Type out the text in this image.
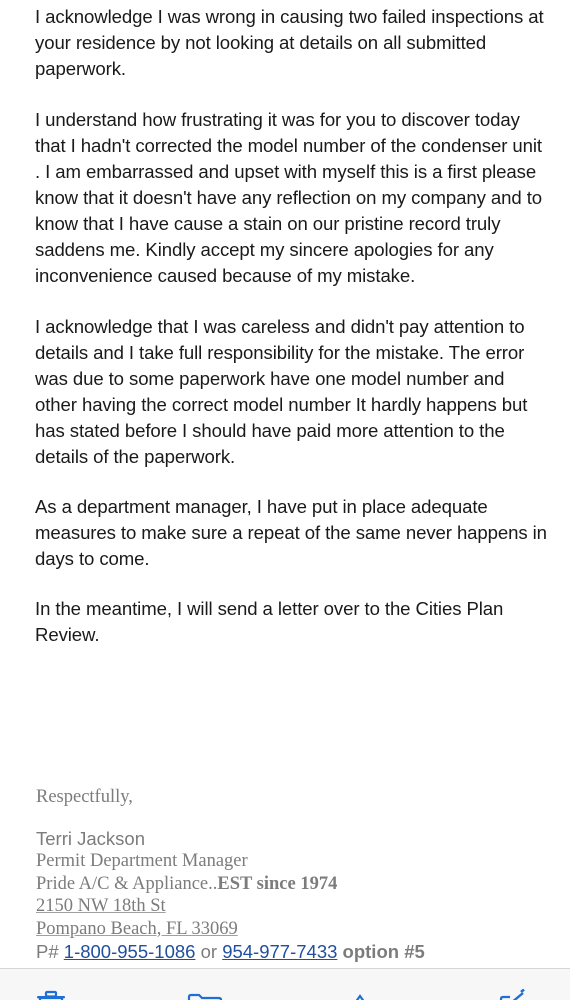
I acknowledge I was wrong in causing two failed inspections at your residence by not looking at details on all submitted paperwork.

I understand how frustrating it was for you to discover today that I hadn't corrected the model number of the condenser unit . I am embarrassed and upset with myself this is a first please know that it doesn't have any reflection on my company and to know that I have cause a stain on our pristine record truly saddens me. Kindly accept my sincere apologies for any inconvenience caused because of my mistake.

I acknowledge that I was careless and didn't pay attention to details and I take full responsibility for the mistake. The error was due to some paperwork have one model number and other having the correct model number It hardly happens but has stated before I should have paid more attention to the details of the paperwork.

As a department manager, I have put in place adequate measures to make sure a repeat of the same never happens in days to come.

In the meantime, I will send a letter over to the Cities Plan Review.

Respectfully,

Terri Jackson

Permit Department Manager

Pride A/C & Appliance..EST since 1974

2150 NW 18th St

Pompano Beach, FL 33069

P# 1-800-955-1086 or 954-977-7433 option #5
